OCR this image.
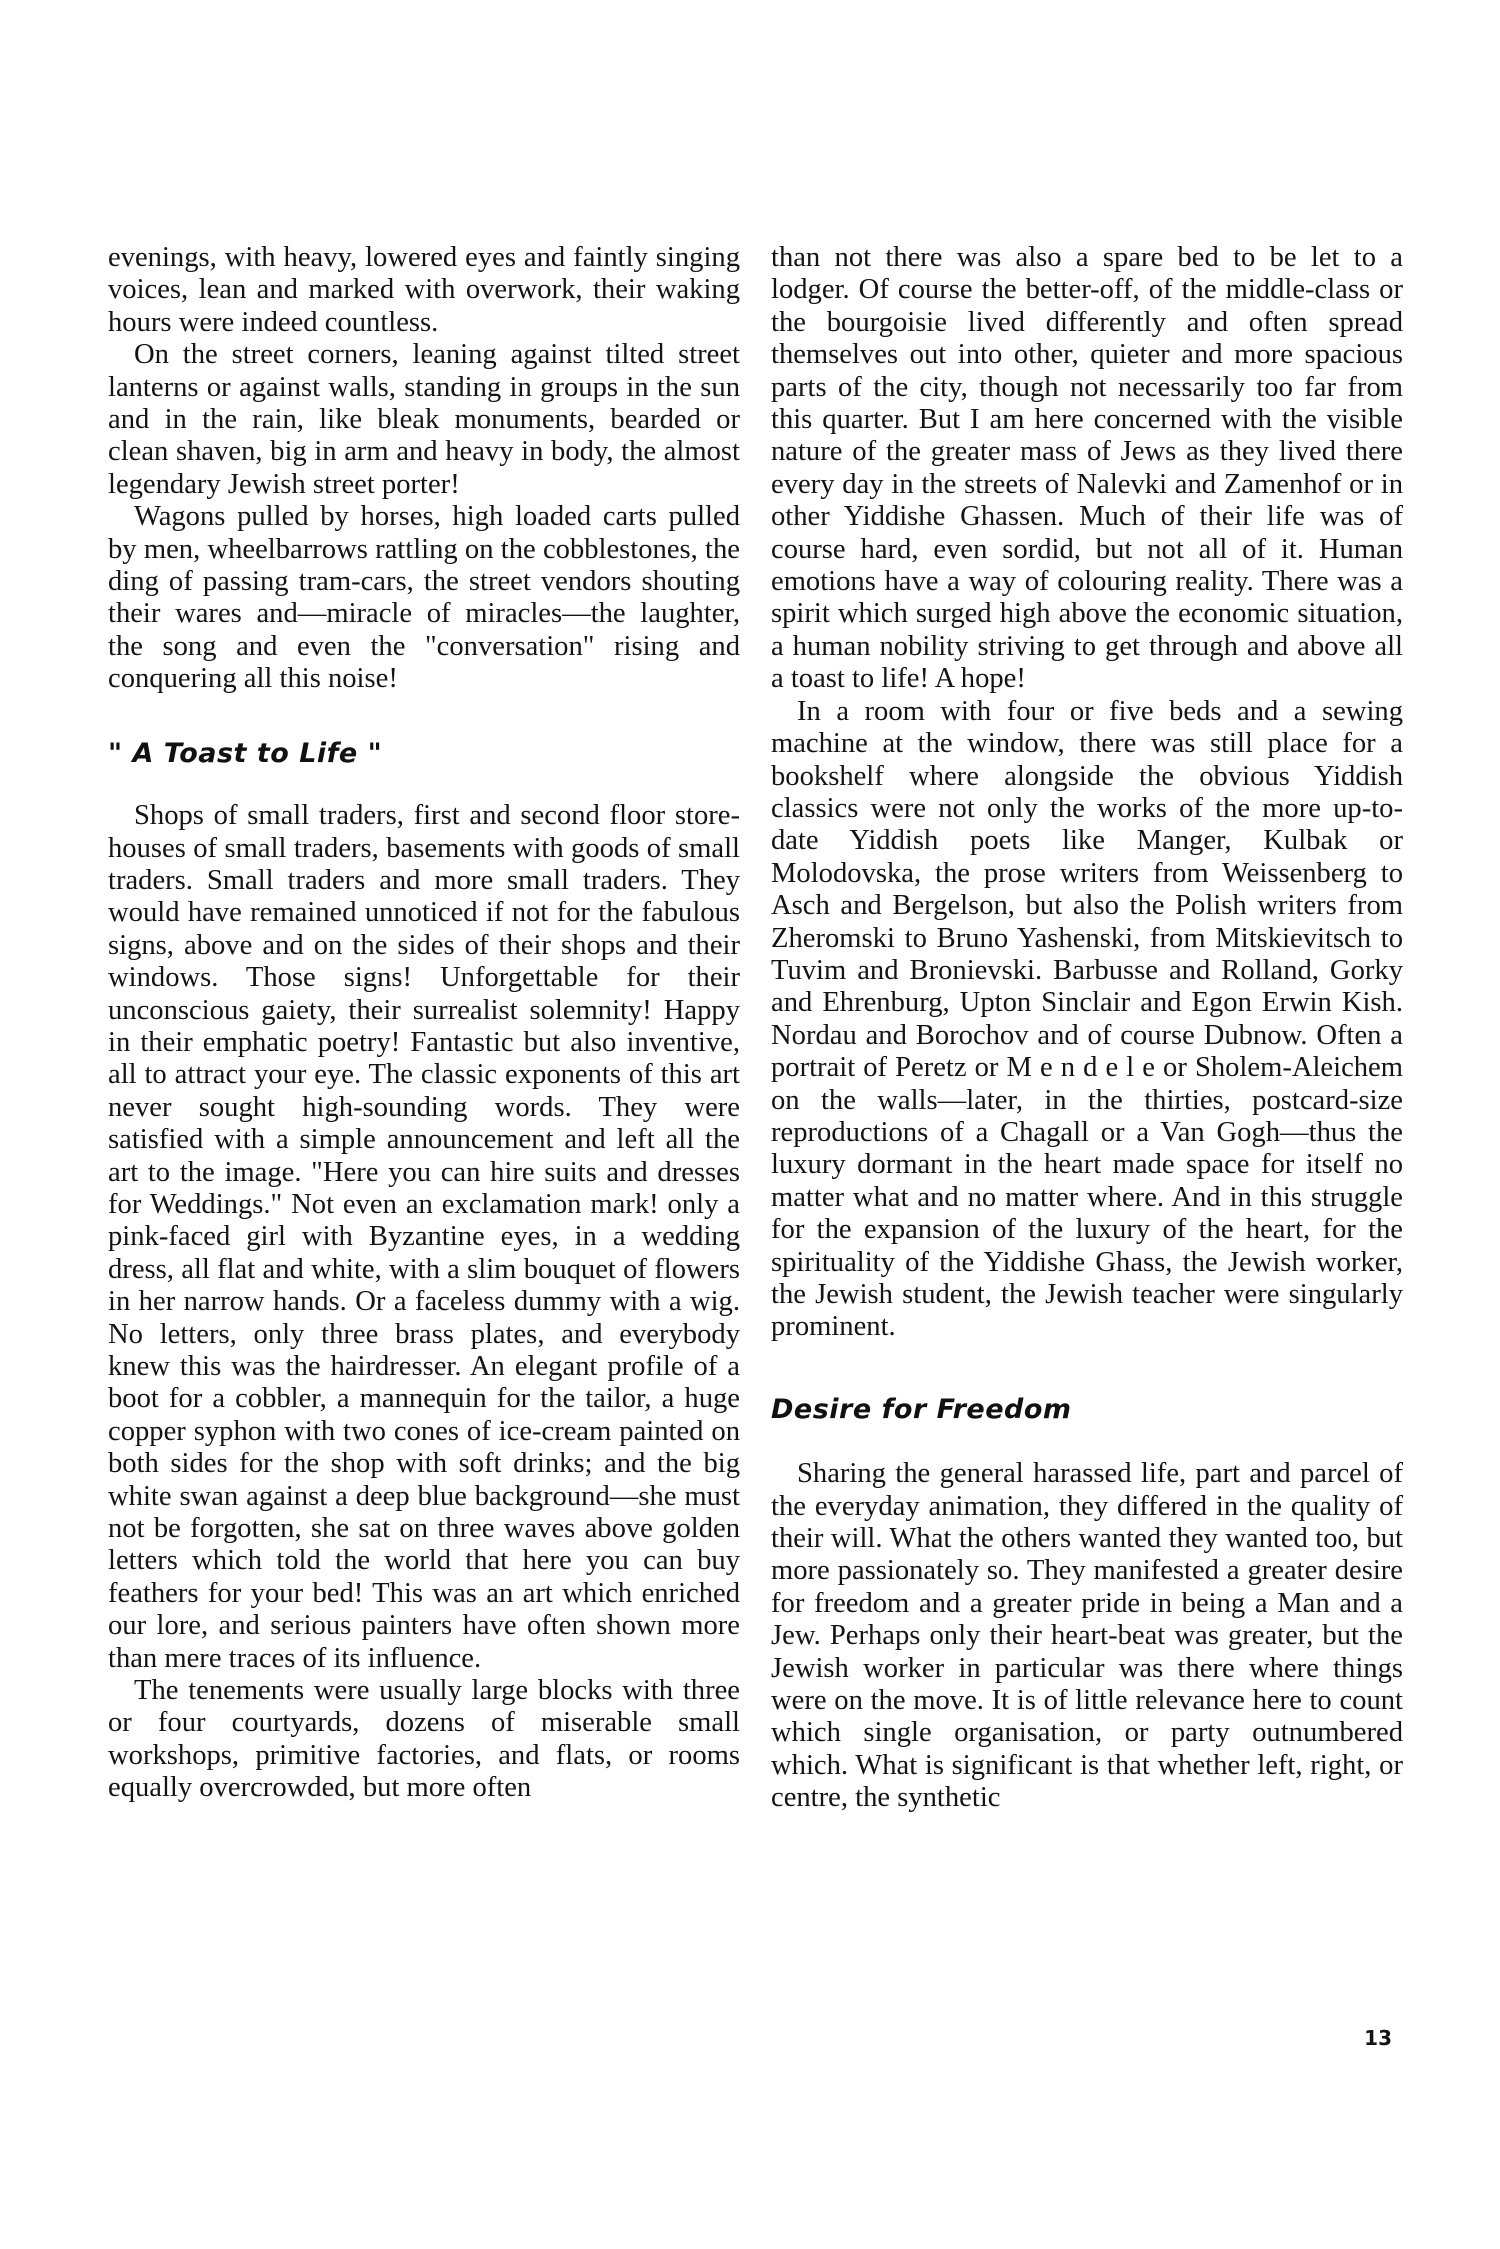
evenings, with heavy, lowered eyes and faintly singing voices, lean and marked with overwork, their waking hours were indeed countless.

On the street corners, leaning against tilted street lanterns or against walls, standing in groups in the sun and in the rain, like bleak monuments, bearded or clean shaven, big in arm and heavy in body, the almost legendary Jewish street porter!

Wagons pulled by horses, high loaded carts pulled by men, wheelbarrows rattling on the cobblestones, the ding of passing tram-cars, the street vendors shouting their wares and—miracle of miracles—the laughter, the song and even the "conversation" rising and conquering all this noise!

" A Toast to Life "

Shops of small traders, first and second floor store-houses of small traders, basements with goods of small traders. Small traders and more small traders. They would have remained unnoticed if not for the fabulous signs, above and on the sides of their shops and their windows. Those signs! Unforgettable for their unconscious gaiety, their surrealist solemnity! Happy in their emphatic poetry! Fantastic but also inventive, all to attract your eye. The classic exponents of this art never sought high-sounding words. They were satisfied with a simple announcement and left all the art to the image. "Here you can hire suits and dresses for Weddings." Not even an exclamation mark! only a pink-faced girl with Byzantine eyes, in a wedding dress, all flat and white, with a slim bouquet of flowers in her narrow hands. Or a faceless dummy with a wig. No letters, only three brass plates, and everybody knew this was the hairdresser. An elegant profile of a boot for a cobbler, a mannequin for the tailor, a huge copper syphon with two cones of ice-cream painted on both sides for the shop with soft drinks; and the big white swan against a deep blue background—she must not be forgotten, she sat on three waves above golden letters which told the world that here you can buy feathers for your bed! This was an art which enriched our lore, and serious painters have often shown more than mere traces of its influence.

The tenements were usually large blocks with three or four courtyards, dozens of miserable small workshops, primitive factories, and flats, or rooms equally overcrowded, but more often

than not there was also a spare bed to be let to a lodger. Of course the better-off, of the middle-class or the bourgoisie lived differently and often spread themselves out into other, quieter and more spacious parts of the city, though not necessarily too far from this quarter. But I am here concerned with the visible nature of the greater mass of Jews as they lived there every day in the streets of Nalevki and Zamenhof or in other Yiddishe Ghassen. Much of their life was of course hard, even sordid, but not all of it. Human emotions have a way of colouring reality. There was a spirit which surged high above the economic situation, a human nobility striving to get through and above all a toast to life! A hope!

In a room with four or five beds and a sewing machine at the window, there was still place for a bookshelf where alongside the obvious Yiddish classics were not only the works of the more up-to-date Yiddish poets like Manger, Kulbak or Molodovska, the prose writers from Weissenberg to Asch and Bergelson, but also the Polish writers from Zheromski to Bruno Yashenski, from Mitskievitsch to Tuvim and Bronievski. Barbusse and Rolland, Gorky and Ehrenburg, Upton Sinclair and Egon Erwin Kish. Nordau and Borochov and of course Dubnow. Often a portrait of Peretz or M e n d e l e or Sholem-Aleichem on the walls—later, in the thirties, postcard-size reproductions of a Chagall or a Van Gogh—thus the luxury dormant in the heart made space for itself no matter what and no matter where. And in this struggle for the expansion of the luxury of the heart, for the spirituality of the Yiddishe Ghass, the Jewish worker, the Jewish student, the Jewish teacher were singularly prominent.

Desire for Freedom

Sharing the general harassed life, part and parcel of the everyday animation, they differed in the quality of their will. What the others wanted they wanted too, but more passionately so. They manifested a greater desire for freedom and a greater pride in being a Man and a Jew. Perhaps only their heart-beat was greater, but the Jewish worker in particular was there where things were on the move. It is of little relevance here to count which single organisation, or party outnumbered which. What is significant is that whether left, right, or centre, the synthetic

13
